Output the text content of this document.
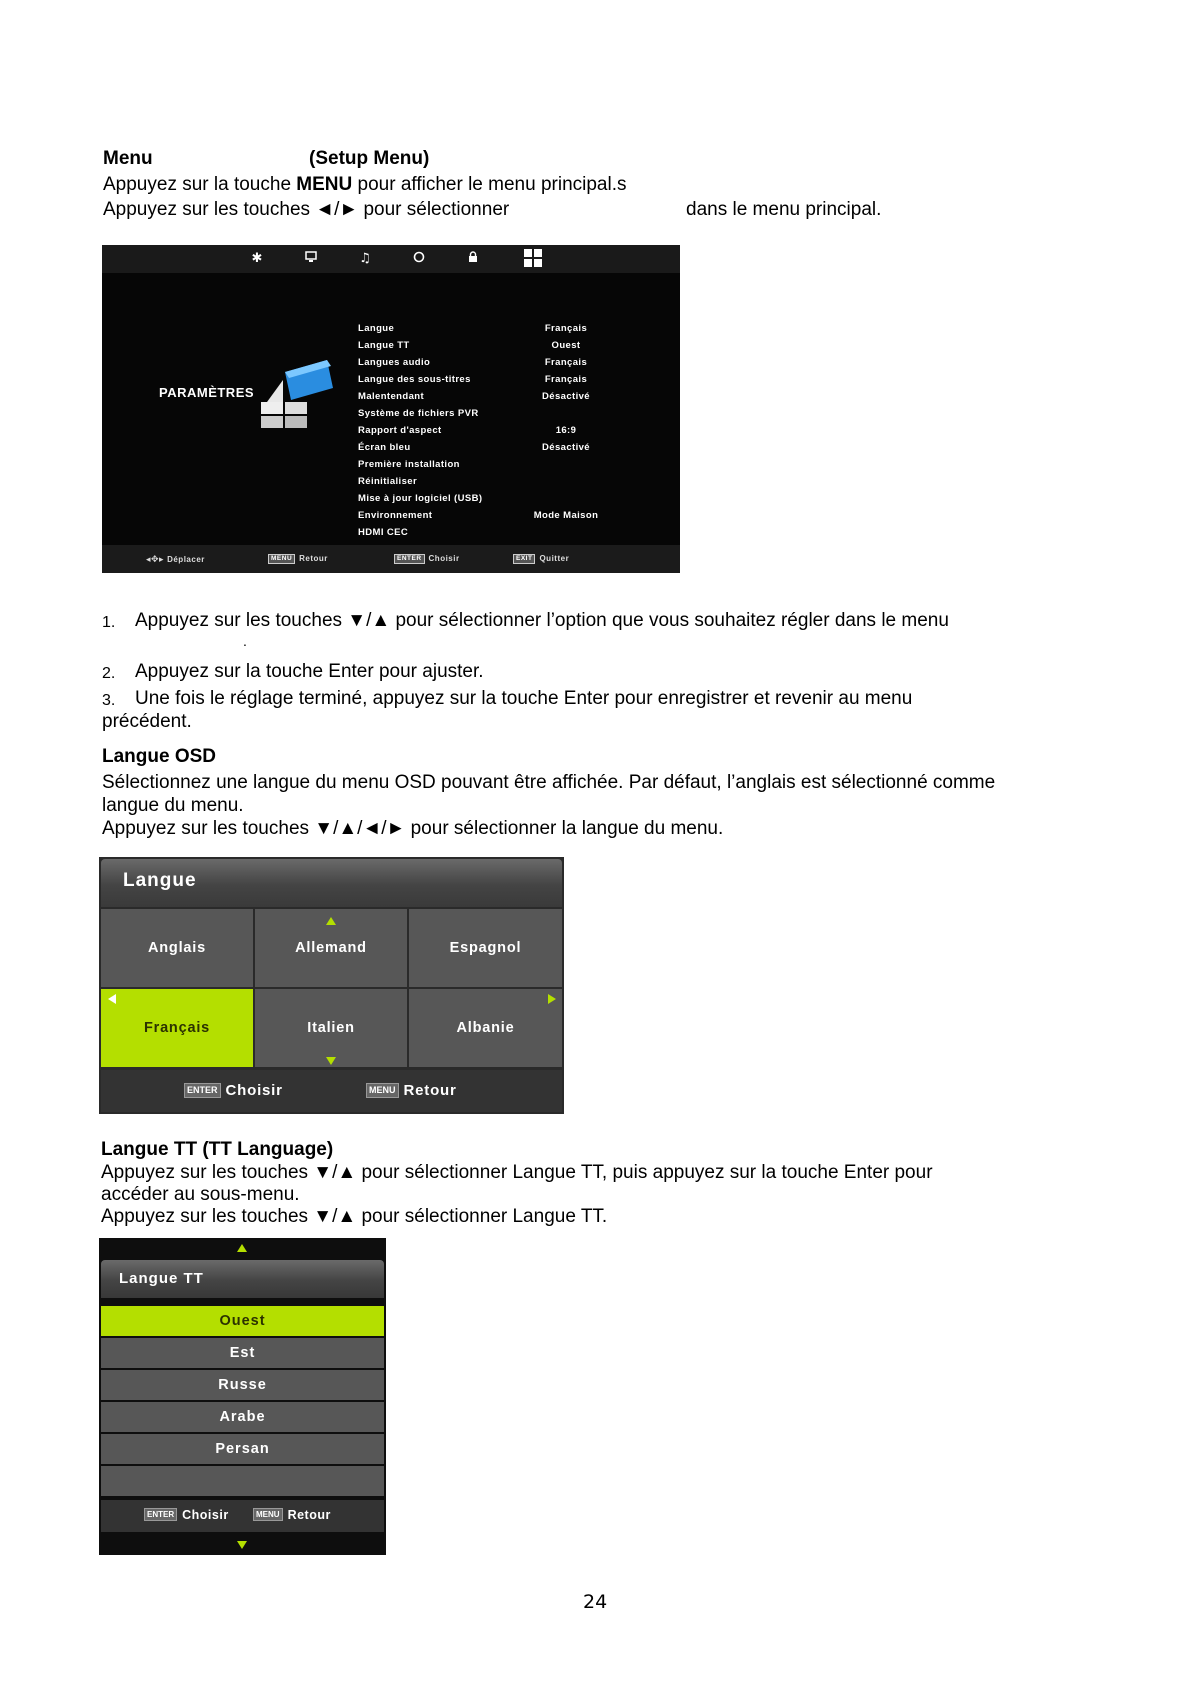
Menu	(Setup Menu)
Appuyez sur la touche MENU pour afficher le menu principal.s
Appuyez sur les touches ◄/► pour sélectionner	dans le menu principal.
✱	♫
PARAMÈTRES
Langue	Français
Langue TT	Ouest
Langues audio	Français
Langue des sous-titres	Français
Malentendant	Désactivé
Système de fichiers PVR
Rapport d'aspect	16:9
Écran bleu	Désactivé
Première installation
Réinitialiser
Mise à jour logiciel (USB)
Environnement	Mode Maison
HDMI CEC
◂✥▸ Déplacer	MENU Retour	ENTER Choisir	EXIT Quitter
1. Appuyez sur les touches ▼/▲ pour sélectionner l’option que vous souhaitez régler dans le menu
.
2. Appuyez sur la touche Enter pour ajuster.
3. Une fois le réglage terminé, appuyez sur la touche Enter pour enregistrer et revenir au menu
précédent.
Langue OSD
Sélectionnez une langue du menu OSD pouvant être affichée. Par défaut, l’anglais est sélectionné comme
langue du menu.
Appuyez sur les touches ▼/▲/◄/► pour sélectionner la langue du menu.
Langue
Anglais	Allemand	Espagnol
Français	Italien	Albanie
ENTER Choisir	MENU Retour
Langue TT (TT Language)
Appuyez sur les touches ▼/▲ pour sélectionner Langue TT, puis appuyez sur la touche Enter pour
accéder au sous-menu.
Appuyez sur les touches ▼/▲ pour sélectionner Langue TT.
Langue TT
Ouest
Est
Russe
Arabe
Persan
ENTER Choisir	MENU Retour
24
